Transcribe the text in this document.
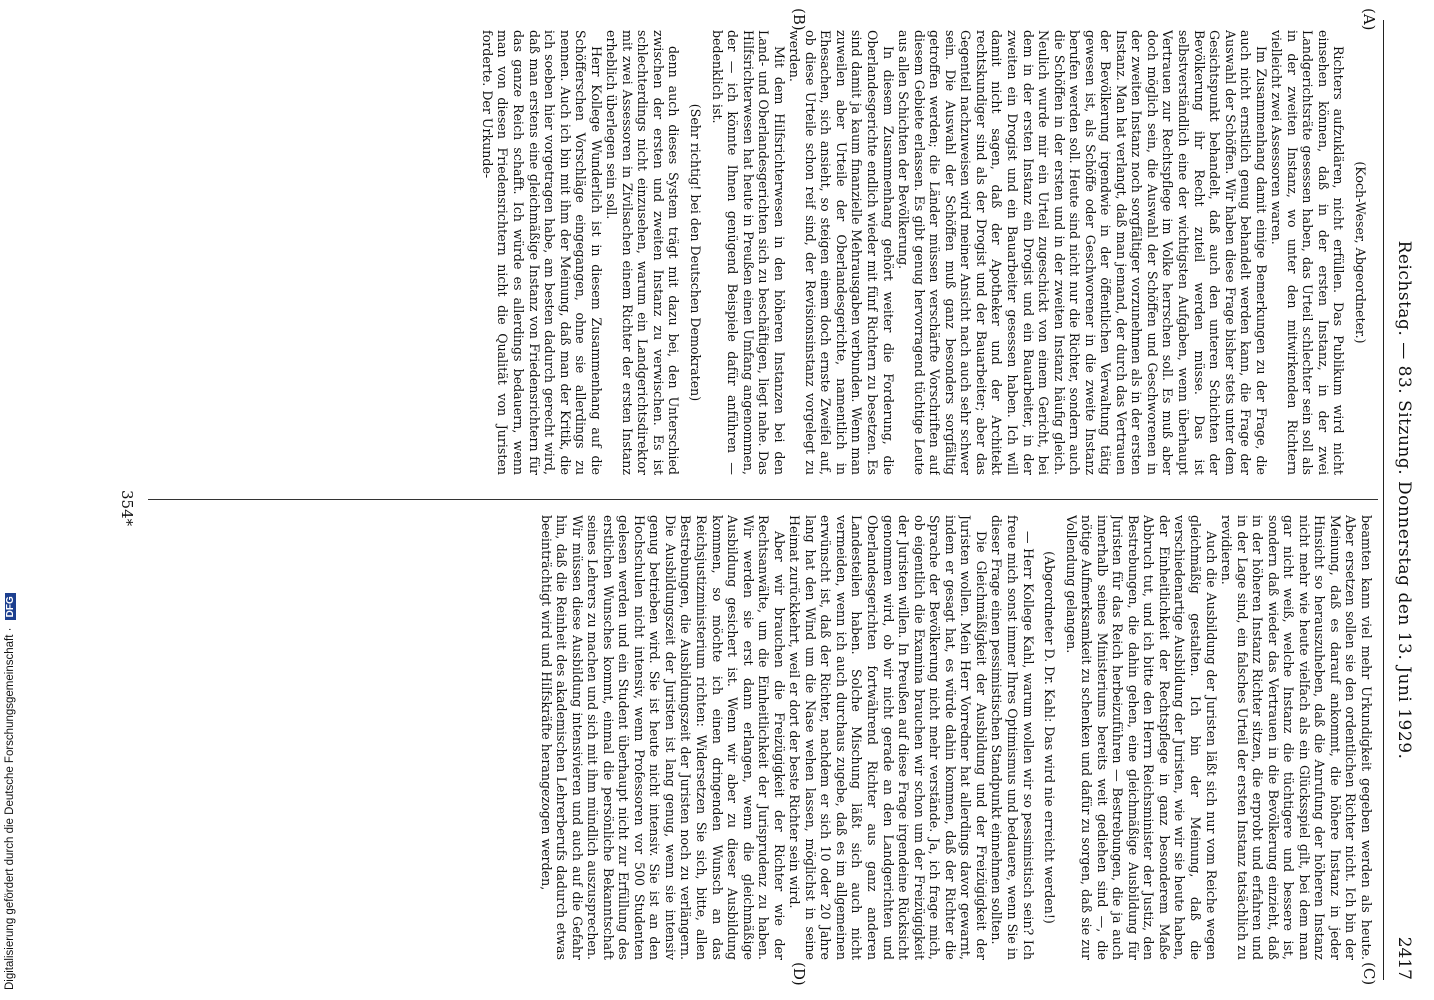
Digitalisierung gefördert durch die Deutsche Forschungsgemeinschaft · DFG	Reichstag. — 83. Sitzung. Donnerstag den 13. Juni 1929.
2417
(A)
(B)
(C)
(D)

(Koch-Weser, Abgeordneter.)

Richters aufzuklären, nicht erfüllen. Das Publikum wird nicht einsehen können, daß in der ersten Instanz, in der zwei Landgerichtsräte gesessen haben, das Urteil schlechter sein soll als in der zweiten Instanz, wo unter den mitwirkenden Richtern vielleicht zwei Assessoren waren.

Im Zusammenhang damit einige Bemerkungen zu der Frage, die auch nicht ernstlich genug behandelt werden kann, die Frage der Auswahl der Schöffen. Wir haben diese Frage bisher stets unter dem Gesichtspunkt behandelt, daß auch den unteren Schichten der Bevölkerung ihr Recht zuteil werden müsse. Das ist selbstverständlich eine der wichtigsten Aufgaben, wenn überhaupt Vertrauen zur Rechtspflege im Volke herrschen soll. Es muß aber doch möglich sein, die Auswahl der Schöffen und Geschworenen in der zweiten Instanz noch sorgfältiger vorzunehmen als in der ersten Instanz. Man hat verlangt, daß man jemand, der durch das Vertrauen der Bevölkerung irgendwie in der öffentlichen Verwaltung tätig gewesen ist, als Schöffe oder Geschworener in die zweite Instanz berufen werden soll. Heute sind nicht nur die Richter, sondern auch die Schöffen in der ersten und in der zweiten Instanz häufig gleich. Neulich wurde mir ein Urteil zugeschickt von einem Gericht, bei dem in der ersten Instanz ein Drogist und ein Bauarbeiter, in der zweiten ein Drogist und ein Bauarbeiter gesessen haben. Ich will damit nicht sagen, daß der Apotheker und der Architekt rechtskundiger sind als der Drogist und der Bauarbeiter; aber das Gegenteil nachzuweisen wird meiner Ansicht nach auch sehr schwer sein. Die Auswahl der Schöffen muß ganz besonders sorgfältig getroffen werden; die Länder müssen verschärfte Vorschriften auf diesem Gebiete erlassen. Es gibt genug hervorragend tüchtige Leute aus allen Schichten der Bevölkerung.

In diesem Zusammenhang gehört weiter die Forderung, die Oberlandesgerichte endlich wieder mit fünf Richtern zu besetzen. Es sind damit ja kaum finanzielle Mehrausgaben verbunden. Wenn man zuweilen aber Urteile der Oberlandesgerichte, namentlich in Ehesachen, sich ansieht, so steigen einem doch ernste Zweifel auf, ob diese Urteile schon reif sind, der Revisionsinstanz vorgelegt zu werden.

Mit dem Hilfsrichterwesen in den höheren Instanzen bei den Land- und Oberlandesgerichten sich zu beschäftigen, liegt nahe. Das Hilfsrichterwesen hat heute in Preußen einen Umfang angenommen, der — ich könnte Ihnen genügend Beispiele dafür anführen — bedenklich ist.

(Sehr richtig! bei den Deutschen Demokraten)

denn auch dieses System trägt mit dazu bei, den Unterschied zwischen der ersten und zweiten Instanz zu verwischen. Es ist schlechterdings nicht einzusehen, warum ein Landgerichtsdirektor mit zwei Assessoren in Zivilsachen einem Richter der ersten Instanz erheblich überlegen sein soll.

Herr Kollege Wunderlich ist in diesem Zusammenhang auf die Schöfferschen Vorschläge eingegangen, ohne sie allerdings zu nennen. Auch ich bin mit ihm der Meinung, daß man der Kritik, die ich soeben hier vorgetragen habe, am besten dadurch gerecht wird, daß man erstens eine gleichmäßige Instanz von Friedensrichtern für das ganze Reich schafft. Ich würde es allerdings bedauern, wenn man von diesen Friedensrichtern nicht die Qualität von Juristen forderte. Der Urkunde-

beamten kann viel mehr Urkundigkeit gegeben werden als heute. Aber ersetzen sollen sie den ordentlichen Richter nicht. Ich bin der Meinung, daß es darauf ankommt, die höhere Instanz in jeder Hinsicht so herauszuheben, daß die Anrufung der höheren Instanz nicht mehr wie heute vielfach als ein Glücksspiel gilt, bei dem man gar nicht weiß, welche Instanz die tüchtigere und bessere ist, sondern daß wieder das Vertrauen in die Bevölkerung einzieht, daß in der höheren Instanz Richter sitzen, die erprobt und erfahren und in der Lage sind, ein falsches Urteil der ersten Instanz tatsächlich zu revidieren.

Auch die Ausbildung der Juristen läßt sich nur vom Reiche wegen gleichmäßig gestalten. Ich bin der Meinung, daß die verschiedenartige Ausbildung der Juristen, wie wir sie heute haben, der Einheitlichkeit der Rechtspflege in ganz besonderem Maße Abbruch tut, und ich bitte den Herrn Reichsminister der Justiz, den Bestrebungen, die dahin gehen, eine gleichmäßige Ausbildung für Juristen für das Reich herbeizuführen — Bestrebungen, die ja auch innerhalb seines Ministeriums bereits weit gediehen sind —, die nötige Aufmerksamkeit zu schenken und dafür zu sorgen, daß sie zur Vollendung gelangen.

(Abgeordneter D. Dr. Kahl: Das wird nie erreicht werden!)

— Herr Kollege Kahl, warum wollen wir so pessimistisch sein? Ich freue mich sonst immer Ihres Optimismus und bedauere, wenn Sie in dieser Frage einen pessimistischen Standpunkt einnehmen sollten.

Die Gleichmäßigkeit der Ausbildung und der Freizügigkeit der Juristen wollen. Mein Herr Vorredner hat allerdings davor gewarnt, indem er gesagt hat, es würde dahin kommen, daß der Richter die Sprache der Bevölkerung nicht mehr verstände. Ja, ich frage mich, ob eigentlich die Examina brauchen wir schon um der Freizügigkeit der Juristen willen. In Preußen auf diese Frage irgendeine Rücksicht genommen wird, ob wir nicht gerade an den Landgerichten und Oberlandesgerichten fortwährend Richter aus ganz anderen Landesteilen haben. Solche Mischung läßt sich auch nicht vermeiden, wenn ich auch durchaus zugebe, daß es im allgemeinen erwünscht ist, daß der Richter, nachdem er sich 10 oder 20 Jahre lang hat den Wind um die Nase wehen lassen, möglichst in seine Heimat zurückkehrt, weil er dort der beste Richter sein wird.

Aber wir brauchen die Freizügigkeit der Richter wie der Rechtsanwälte, um die Einheitlichkeit der Jurisprudenz zu haben. Wir werden sie erst dann erlangen, wenn die gleichmäßige Ausbildung gesichert ist. Wenn wir aber zu dieser Ausbildung kommen, so möchte ich einen dringenden Wunsch an das Reichsjustizministerium richten: Widersetzen Sie sich, bitte, allen Bestrebungen, die Ausbildungszeit der Juristen noch zu verlängern. Die Ausbildungszeit der Juristen ist lang genug, wenn sie intensiv genug betrieben wird. Sie ist heute nicht intensiv. Sie ist an den Hochschulen nicht intensiv, wenn Professoren vor 500 Studenten gelesen werden und ein Student überhaupt nicht zur Erfüllung des erstlichen Wunsches kommt, einmal die persönliche Bekanntschaft seines Lehrers zu machen und sich mit ihm mündlich auszusprechen. Wir müssen diese Ausbildung intensivieren und auch auf die Gefahr hin, daß die Reinheit des akademischen Lehrerberufs dadurch etwas beeinträchtigt wird und Hilfskräfte herangezogen werden,

354*
